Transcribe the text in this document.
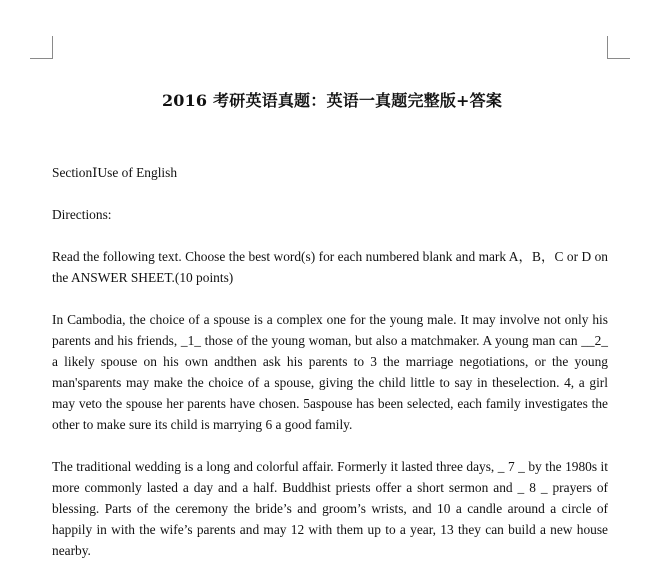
2016 考研英语真题：英语一真题完整版+答案

SectionⅠUse of English

Directions:

Read the following text. Choose the best word(s) for each numbered blank and mark A，B，C or D on the ANSWER SHEET.(10 points)

In Cambodia, the choice of a spouse is a complex one for the young male. It may involve not only his parents and his friends, _1_ those of the young woman, but also a matchmaker. A young man can __2_ a likely spouse on his own andthen ask his parents to 3 the marriage negotiations, or the young man'sparents may make the choice of a spouse, giving the child little to say in theselection. 4, a girl may veto the spouse her parents have chosen. 5aspouse has been selected, each family investigates the other to make sure its child is marrying 6 a good family.

The traditional wedding is a long and colorful affair. Formerly it lasted three days, _ 7 _ by the 1980s it more commonly lasted a day and a half. Buddhist priests offer a short sermon and _ 8 _ prayers of blessing. Parts of the ceremony the bride’s and groom’s wrists, and 10 a candle around a circle of happily in with the wife’s parents and may 12 with them up to a year, 13 they can build a new house nearby.
